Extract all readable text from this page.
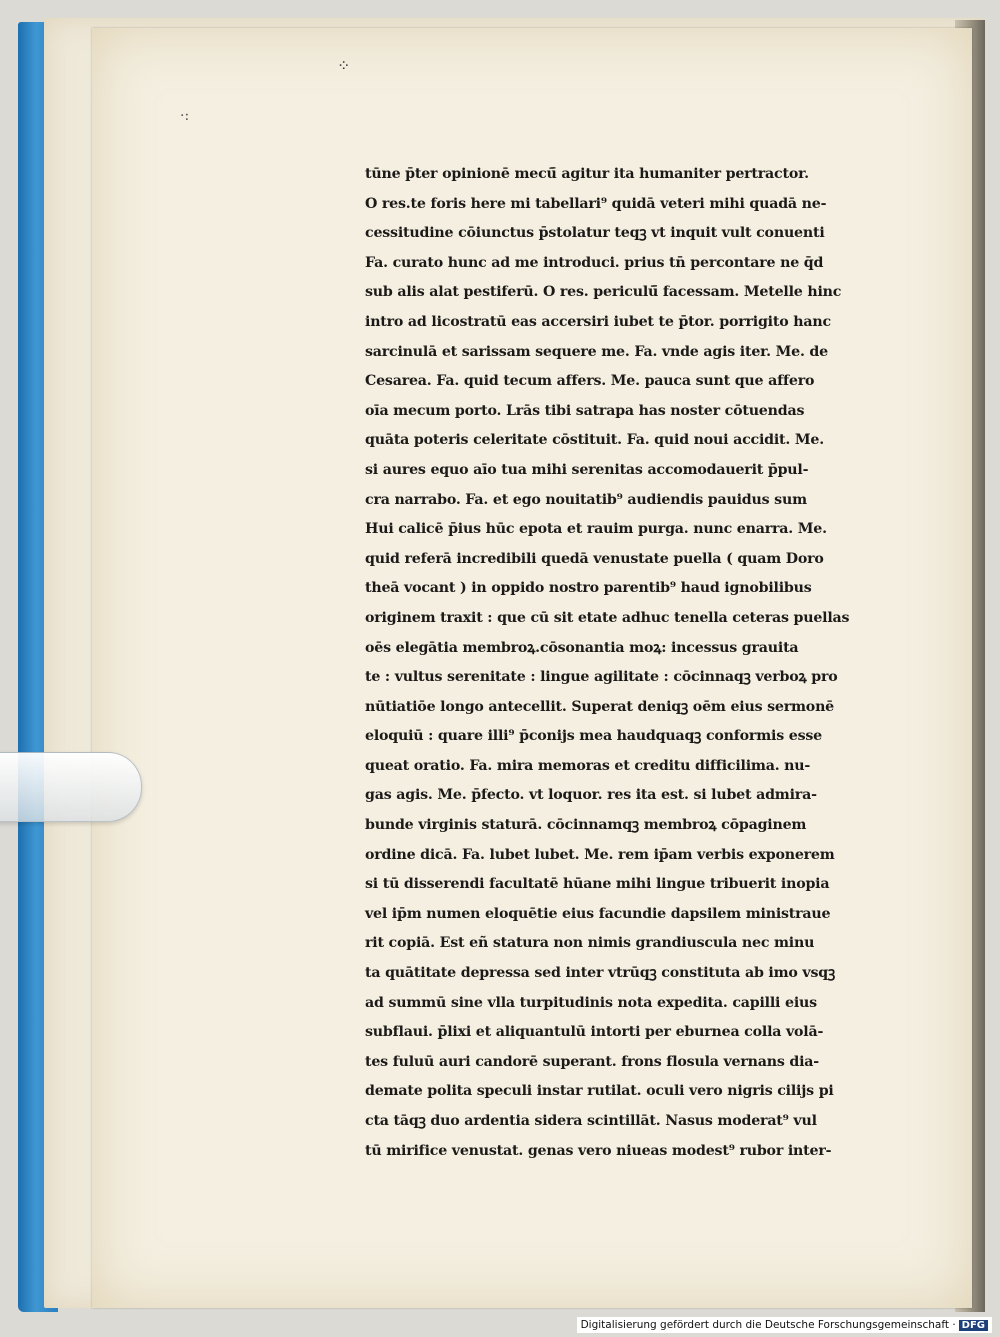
⁘
·:
tūne p̄ter opinionē mecū̄ agitur ita humaniter pertractor.
O res.te foris here mi tabellari⁹ quidā veteri mihi quadā ne-
cessitudine cōiunctus p̄stolatur teqꝫ vt inquit vult conuenti
Fa. curato hunc ad me introduci. prius tn̄ percontare ne q̄d
sub alis alat pestiferū. O res. periculū̄ facessam. Metelle hinc
intro ad licostratū eas accersiri iubet te p̄tor. porrigito hanc
sarcinulā et sarissam sequere me. Fa. vnde agis iter. Me. de
Cesarea. Fa. quid tecum affers. Me. pauca sunt que affero
oīa mecum porto. Lrās tibi satrapa has noster cōtuendas
quāta poteris celeritate cōstituit. Fa. quid noui accidit. Me.
si aures equo aīo tua mihi serenitas accomodauerit p̄pul-
cra narrabo. Fa. et ego nouitatib⁹ audiendis pauidus sum
Hui calicē p̄ius hūc epota et rauim purga. nunc enarra. Me.
quid referā incredibili quedā venustate puella ( quam Doro
theā vocant ) in oppido nostro parentib⁹ haud ignobilibus
originem traxit : que cū sit etate adhuc tenella ceteras puellas
oēs elegātia membroꝝ.cōsonantia moꝝ: incessus grauita
te : vultus serenitate : lingue agilitate : cōcinnaqꝫ verboꝝ pro
nūtiatiōe longo antecellit. Superat deniqꝫ oēm eius sermonē
eloquiū : quare illi⁹ p̄conijs mea haudquaqꝫ conformis esse
queat oratio. Fa. mira memoras et creditu difficilima. nu-
gas agis. Me. p̄fecto. vt loquor. res ita est. si lubet admira-
bunde virginis staturā. cōcinnamqꝫ membroꝝ cōpaginem
ordine dicā. Fa. lubet lubet. Me. rem ip̄am verbis exponerem
si tū disserendi facultatē hūane mihi lingue tribuerit inopia
vel ip̄m numen eloquētie eius facundie dapsilem ministraue
rit copiā. Est eñ statura non nimis grandiuscula nec minu
ta quātitate depressa sed inter vtrūqꝫ constituta ab imo vsqꝫ
ad summū sine vlla turpitudinis nota expedita. capilli eius
subflaui. p̄lixi et aliquantulū intorti per eburnea colla volā-
tes fuluū auri candorē superant. frons flosula vernans dia-
demate polita speculi instar rutilat. oculi vero nigris cilijs pi
cta tāqꝫ duo ardentia sidera scintillāt. Nasus moderat⁹ vul
tū mirifice venustat. genas vero niueas modest⁹ rubor inter-
Digitalisierung gefördert durch die Deutsche Forschungsgemeinschaft · DFG
